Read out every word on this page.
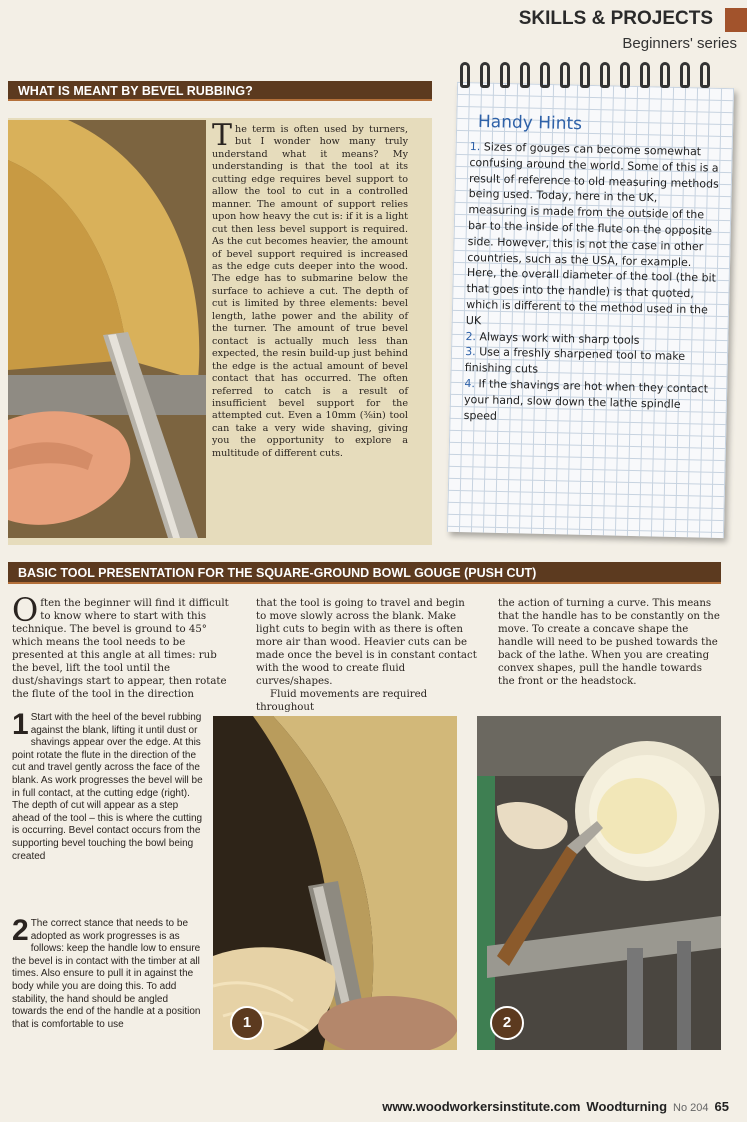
SKILLS & PROJECTS
Beginners' series
WHAT IS MEANT BY BEVEL RUBBING?
The term is often used by turners, but I wonder how many truly understand what it means? My understanding is that the tool at its cutting edge requires bevel support to allow the tool to cut in a controlled manner. The amount of support relies upon how heavy the cut is: if it is a light cut then less bevel support is required. As the cut becomes heavier, the amount of bevel support required is increased as the edge cuts deeper into the wood. The edge has to submarine below the surface to achieve a cut. The depth of cut is limited by three elements: bevel length, lathe power and the ability of the turner. The amount of true bevel contact is actually much less than expected, the resin build-up just behind the edge is the actual amount of bevel contact that has occurred. The often referred to catch is a result of insufficient bevel support for the attempted cut. Even a 10mm (⅜in) tool can take a very wide shaving, giving you the opportunity to explore a multitude of different cuts.
Handy Hints

1. Sizes of gouges can become somewhat confusing around the world. Some of this is a result of reference to old measuring methods being used. Today, here in the UK, measuring is made from the outside of the bar to the inside of the flute on the opposite side. However, this is not the case in other countries, such as the USA, for example. Here, the overall diameter of the tool (the bit that goes into the handle) is that quoted, which is different to the method used in the UK

2. Always work with sharp tools

3. Use a freshly sharpened tool to make finishing cuts

4. If the shavings are hot when they contact your hand, slow down the lathe spindle speed

BASIC TOOL PRESENTATION FOR THE SQUARE-GROUND BOWL GOUGE (PUSH CUT)

Often the beginner will find it difficult to know where to start with this technique. The bevel is ground to 45° which means the tool needs to be presented at this angle at all times: rub the bevel, lift the tool until the dust/shavings start to appear, then rotate the flute of the tool in the direction

that the tool is going to travel and begin to move slowly across the blank. Make light cuts to begin with as there is often more air than wood. Heavier cuts can be made once the bevel is in constant contact with the wood to create fluid curves/shapes.

Fluid movements are required throughout

the action of turning a curve. This means that the handle has to be constantly on the move. To create a concave shape the handle will need to be pushed towards the back of the lathe. When you are creating convex shapes, pull the handle towards the front or the headstock.

1 Start with the heel of the bevel rubbing against the blank, lifting it until dust or shavings appear over the edge. At this point rotate the flute in the direction of the cut and travel gently across the face of the blank. As work progresses the bevel will be in full contact, at the cutting edge (right). The depth of cut will appear as a step ahead of the tool – this is where the cutting is occurring. Bevel contact occurs from the supporting bevel touching the bowl being created
2 The correct stance that needs to be adopted as work progresses is as follows: keep the handle low to ensure the bevel is in contact with the timber at all times. Also ensure to pull it in against the body while you are doing this. To add stability, the hand should be angled towards the end of the handle at a position that is comfortable to use	1	2
www.woodworkersinstitute.com Woodturning No 204 65
